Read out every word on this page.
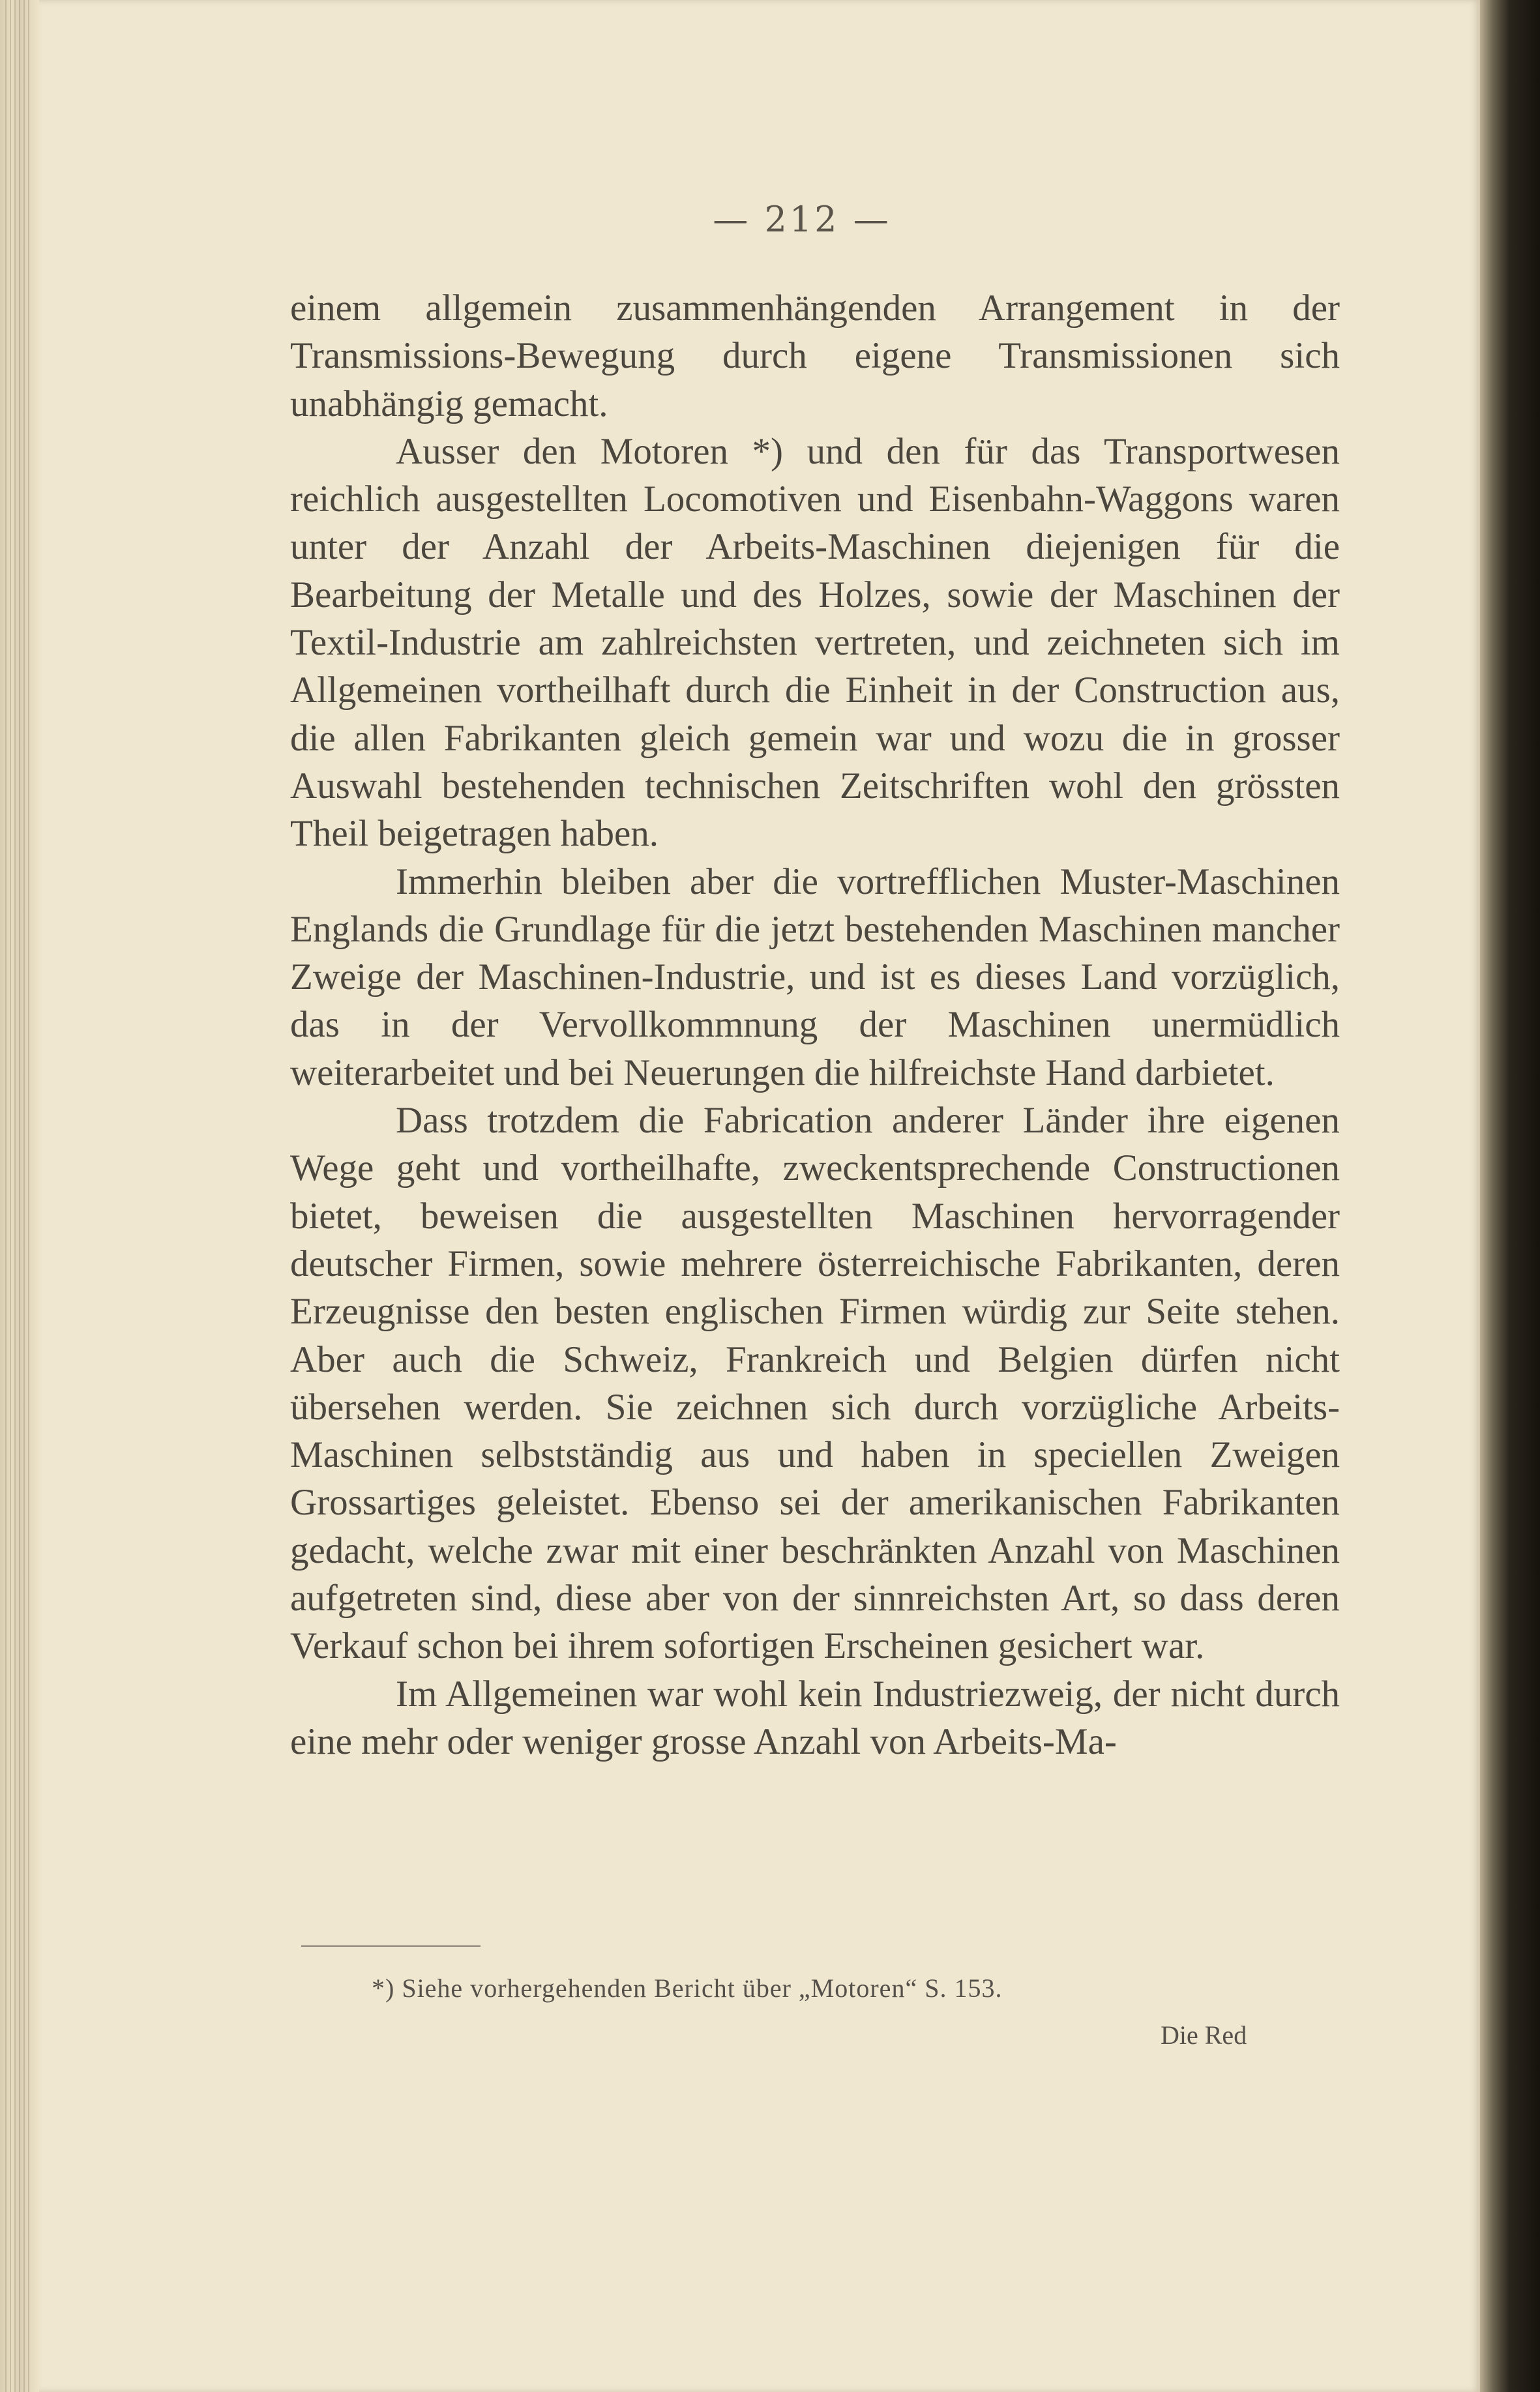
— 212 —

einem allgemein zusammenhängenden Arrangement in der Transmissions-Bewegung durch eigene Transmissionen sich unabhängig gemacht.

Ausser den Motoren *) und den für das Transportwesen reichlich ausgestellten Locomotiven und Eisenbahn-Waggons waren unter der Anzahl der Arbeits-Maschinen diejenigen für die Bearbeitung der Metalle und des Holzes, sowie der Maschinen der Textil-Industrie am zahlreichsten vertreten, und zeichneten sich im Allgemeinen vortheilhaft durch die Einheit in der Construction aus, die allen Fabrikanten gleich gemein war und wozu die in grosser Auswahl bestehenden technischen Zeitschriften wohl den grössten Theil beigetragen haben.

Immerhin bleiben aber die vortrefflichen Muster-Maschinen Englands die Grundlage für die jetzt bestehenden Maschinen mancher Zweige der Maschinen-Industrie, und ist es dieses Land vorzüglich, das in der Vervollkommnung der Maschinen unermüdlich weiterarbeitet und bei Neuerungen die hilfreichste Hand darbietet.

Dass trotzdem die Fabrication anderer Länder ihre eigenen Wege geht und vortheilhafte, zweckentsprechende Constructionen bietet, beweisen die ausgestellten Maschinen hervorragender deutscher Firmen, sowie mehrere österreichische Fabrikanten, deren Erzeugnisse den besten englischen Firmen würdig zur Seite stehen. Aber auch die Schweiz, Frankreich und Belgien dürfen nicht übersehen werden. Sie zeichnen sich durch vorzügliche Arbeits-Maschinen selbstständig aus und haben in speciellen Zweigen Grossartiges geleistet. Ebenso sei der amerikanischen Fabrikanten gedacht, welche zwar mit einer beschränkten Anzahl von Maschinen aufgetreten sind, diese aber von der sinnreichsten Art, so dass deren Verkauf schon bei ihrem sofortigen Erscheinen gesichert war.

Im Allgemeinen war wohl kein Industriezweig, der nicht durch eine mehr oder weniger grosse Anzahl von Arbeits-Ma-

*) Siehe vorhergehenden Bericht über „Motoren“ S. 153.
Die Red
